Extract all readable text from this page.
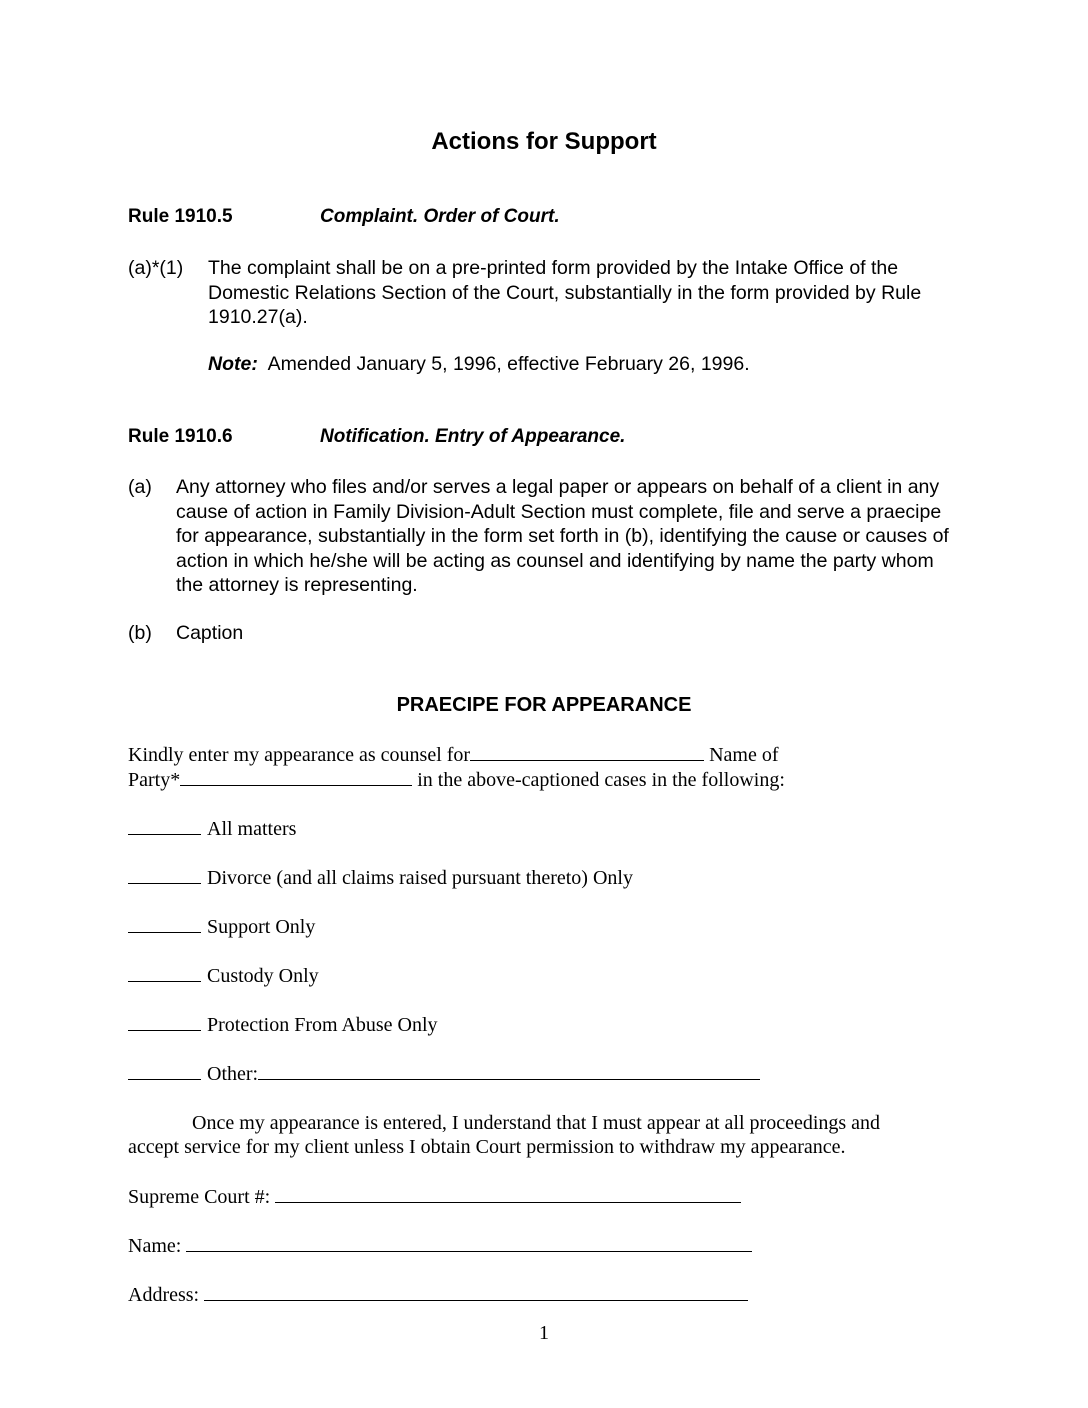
Actions for Support
Rule 1910.5	Complaint. Order of Court.
(a)*(1) The complaint shall be on a pre-printed form provided by the Intake Office of the Domestic Relations Section of the Court, substantially in the form provided by Rule 1910.27(a).
Note: Amended January 5, 1996, effective February 26, 1996.
Rule 1910.6	Notification. Entry of Appearance.
(a) Any attorney who files and/or serves a legal paper or appears on behalf of a client in any cause of action in Family Division-Adult Section must complete, file and serve a praecipe for appearance, substantially in the form set forth in (b), identifying the cause or causes of action in which he/she will be acting as counsel and identifying by name the party whom the attorney is representing.
(b) Caption
PRAECIPE FOR APPEARANCE
Kindly enter my appearance as counsel for	Name of
Party*	in the above-captioned cases in the following:
All matters
Divorce (and all claims raised pursuant thereto) Only
Support Only
Custody Only
Protection From Abuse Only
Other:
Once my appearance is entered, I understand that I must appear at all proceedings and
accept service for my client unless I obtain Court permission to withdraw my appearance.
Supreme Court #:
Name:
Address:
1
